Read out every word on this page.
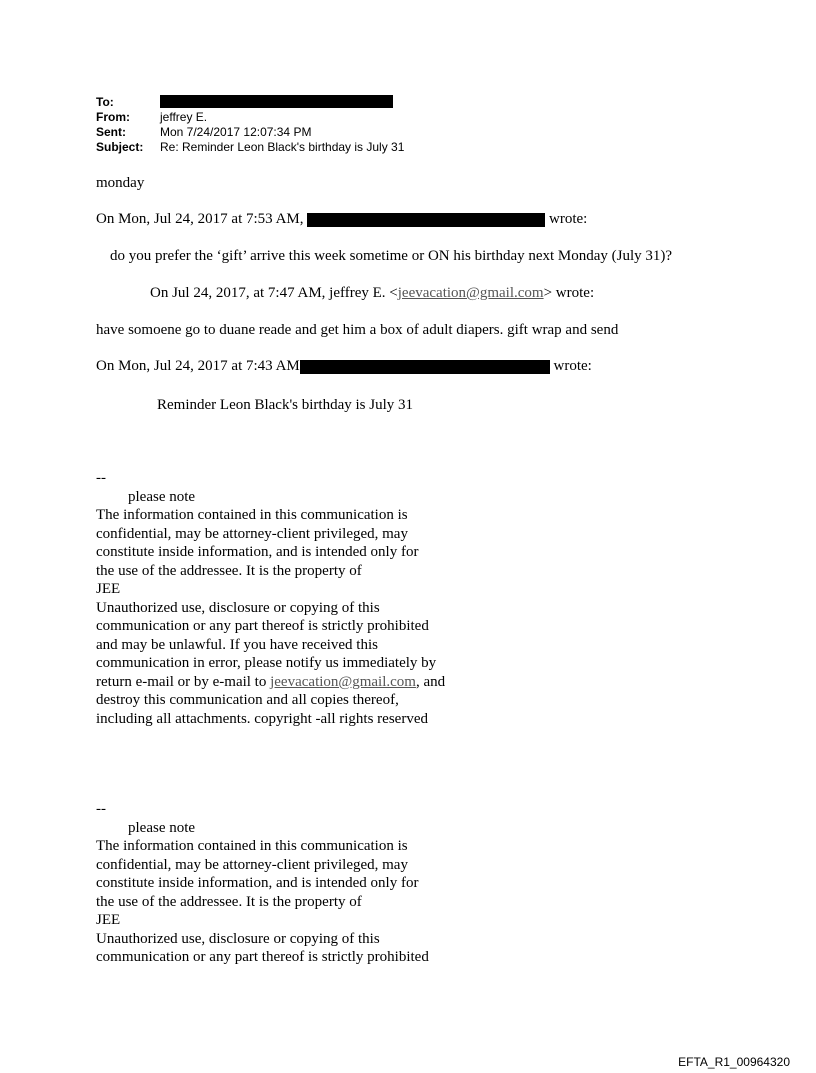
To:
From:	jeffrey E.
Sent:	Mon 7/24/2017 12:07:34 PM
Subject:	Re: Reminder Leon Black's birthday is July 31
monday
On Mon, Jul 24, 2017 at 7:53 AM,	wrote:
do you prefer the ‘gift’ arrive this week sometime or ON his birthday next Monday (July 31)?
On Jul 24, 2017, at 7:47 AM, jeffrey E. <jeevacation@gmail.com> wrote:
have somoene go to duane reade and get him a box of adult diapers. gift wrap and send
On Mon, Jul 24, 2017 at 7:43 AM	wrote:
Reminder Leon Black's birthday is July 31
--
please note
The information contained in this communication is
confidential, may be attorney-client privileged, may
constitute inside information, and is intended only for
the use of the addressee. It is the property of
JEE
Unauthorized use, disclosure or copying of this
communication or any part thereof is strictly prohibited
and may be unlawful. If you have received this
communication in error, please notify us immediately by
return e-mail or by e-mail to jeevacation@gmail.com, and
destroy this communication and all copies thereof,
including all attachments. copyright -all rights reserved
--
please note
The information contained in this communication is
confidential, may be attorney-client privileged, may
constitute inside information, and is intended only for
the use of the addressee. It is the property of
JEE
Unauthorized use, disclosure or copying of this
communication or any part thereof is strictly prohibited
EFTA_R1_00964320
